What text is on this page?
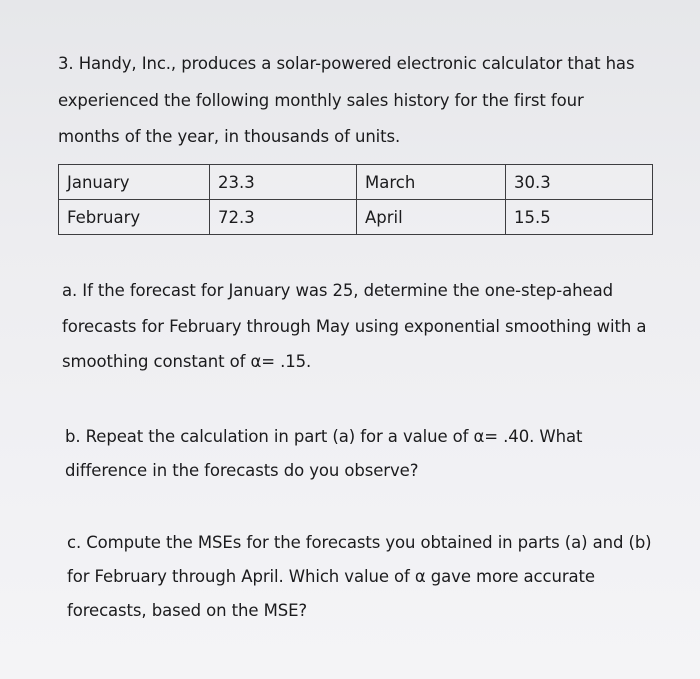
3. Handy, Inc., produces a solar-powered electronic calculator that has
experienced the following monthly sales history for the first four
months of the year, in thousands of units.
January	23.3	March	30.3
February	72.3	April	15.5
a. If the forecast for January was 25, determine the one-step-ahead
forecasts for February through May using exponential smoothing with a
smoothing constant of α= .15.
b. Repeat the calculation in part (a) for a value of α= .40. What
difference in the forecasts do you observe?
c. Compute the MSEs for the forecasts you obtained in parts (a) and (b)
for February through April. Which value of α gave more accurate
forecasts, based on the MSE?
